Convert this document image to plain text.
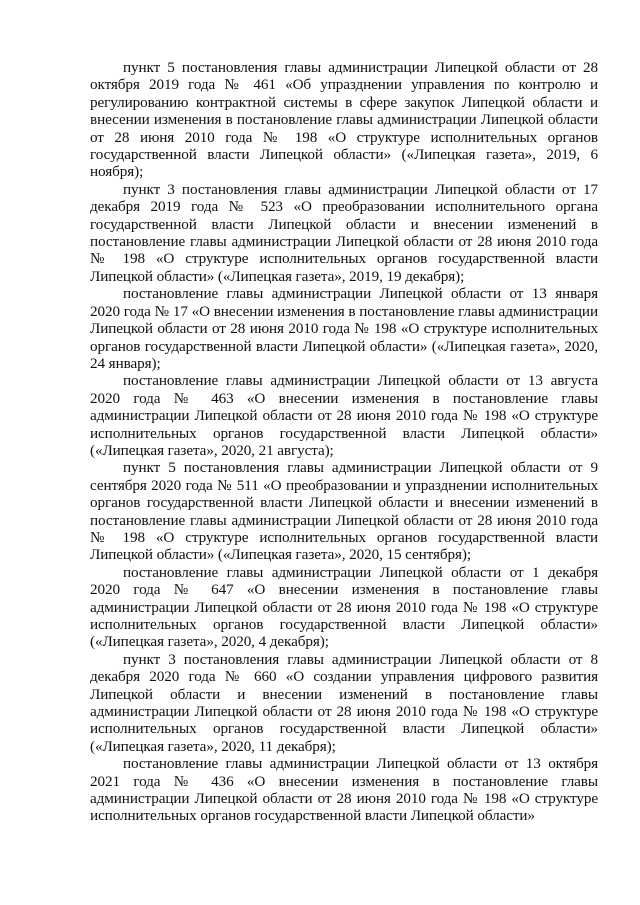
пункт 5 постановления главы администрации Липецкой области от 28 октября 2019 года № 461 «Об упразднении управления по контролю и регулированию контрактной системы в сфере закупок Липецкой области и внесении изменения в постановление главы администрации Липецкой области от 28 июня 2010 года № 198 «О структуре исполнительных органов государственной власти Липецкой области» («Липецкая газета», 2019, 6 ноября);

пункт 3 постановления главы администрации Липецкой области от 17 декабря 2019 года № 523 «О преобразовании исполнительного органа государственной власти Липецкой области и внесении изменений в постановление главы администрации Липецкой области от 28 июня 2010 года № 198 «О структуре исполнительных органов государственной власти Липецкой области» («Липецкая газета», 2019, 19 декабря);

постановление главы администрации Липецкой области от 13 января 2020 года № 17 «О внесении изменения в постановление главы администрации Липецкой области от 28 июня 2010 года № 198 «О структуре исполнительных органов государственной власти Липецкой области» («Липецкая газета», 2020, 24 января);

постановление главы администрации Липецкой области от 13 августа 2020 года № 463 «О внесении изменения в постановление главы администрации Липецкой области от 28 июня 2010 года № 198 «О структуре исполнительных органов государственной власти Липецкой области» («Липецкая газета», 2020, 21 августа);

пункт 5 постановления главы администрации Липецкой области от 9 сентября 2020 года № 511 «О преобразовании и упразднении исполнительных органов государственной власти Липецкой области и внесении изменений в постановление главы администрации Липецкой области от 28 июня 2010 года № 198 «О структуре исполнительных органов государственной власти Липецкой области» («Липецкая газета», 2020, 15 сентября);

постановление главы администрации Липецкой области от 1 декабря 2020 года № 647 «О внесении изменения в постановление главы администрации Липецкой области от 28 июня 2010 года № 198 «О структуре исполнительных органов государственной власти Липецкой области» («Липецкая газета», 2020, 4 декабря);

пункт 3 постановления главы администрации Липецкой области от 8 декабря 2020 года № 660 «О создании управления цифрового развития Липецкой области и внесении изменений в постановление главы администрации Липецкой области от 28 июня 2010 года № 198 «О структуре исполнительных органов государственной власти Липецкой области» («Липецкая газета», 2020, 11 декабря);

постановление главы администрации Липецкой области от 13 октября 2021 года № 436 «О внесении изменения в постановление главы администрации Липецкой области от 28 июня 2010 года № 198 «О структуре исполнительных органов государственной власти Липецкой области»
